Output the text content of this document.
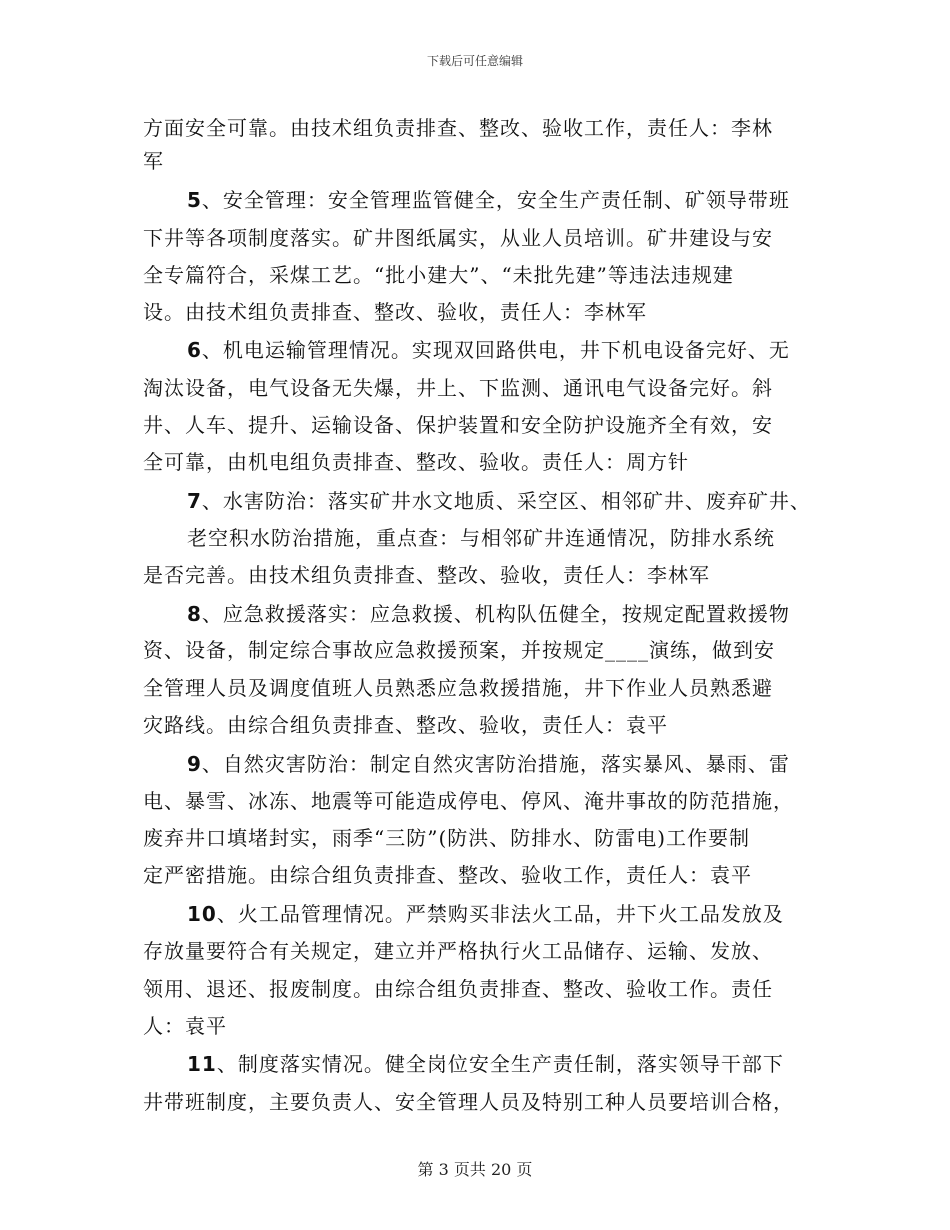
下载后可任意编辑
方面安全可靠。由技术组负责排查、整改、验收工作，责任人：李林
军
5、安全管理：安全管理监管健全，安全生产责任制、矿领导带班
下井等各项制度落实。矿井图纸属实，从业人员培训。矿井建设与安
全专篇符合，采煤工艺。“批小建大”、“未批先建”等违法违规建
设。由技术组负责排查、整改、验收，责任人：李林军
6、机电运输管理情况。实现双回路供电，井下机电设备完好、无
淘汰设备，电气设备无失爆，井上、下监测、通讯电气设备完好。斜
井、人车、提升、运输设备、保护装置和安全防护设施齐全有效，安
全可靠，由机电组负责排查、整改、验收。责任人：周方针
7、水害防治：落实矿井水文地质、采空区、相邻矿井、废弃矿井、
老空积水防治措施，重点查：与相邻矿井连通情况，防排水系统
是否完善。由技术组负责排查、整改、验收，责任人：李林军
8、应急救援落实：应急救援、机构队伍健全，按规定配置救援物
资、设备，制定综合事故应急救援预案，并按规定____演练，做到安
全管理人员及调度值班人员熟悉应急救援措施，井下作业人员熟悉避
灾路线。由综合组负责排查、整改、验收，责任人：袁平
9、自然灾害防治：制定自然灾害防治措施，落实暴风、暴雨、雷
电、暴雪、冰冻、地震等可能造成停电、停风、淹井事故的防范措施，
废弃井口填堵封实，雨季“三防”(防洪、防排水、防雷电)工作要制
定严密措施。由综合组负责排查、整改、验收工作，责任人：袁平
10、火工品管理情况。严禁购买非法火工品，井下火工品发放及
存放量要符合有关规定，建立并严格执行火工品储存、运输、发放、
领用、退还、报废制度。由综合组负责排查、整改、验收工作。责任
人：袁平
11、制度落实情况。健全岗位安全生产责任制，落实领导干部下
井带班制度，主要负责人、安全管理人员及特别工种人员要培训合格，
第 3 页共 20 页
